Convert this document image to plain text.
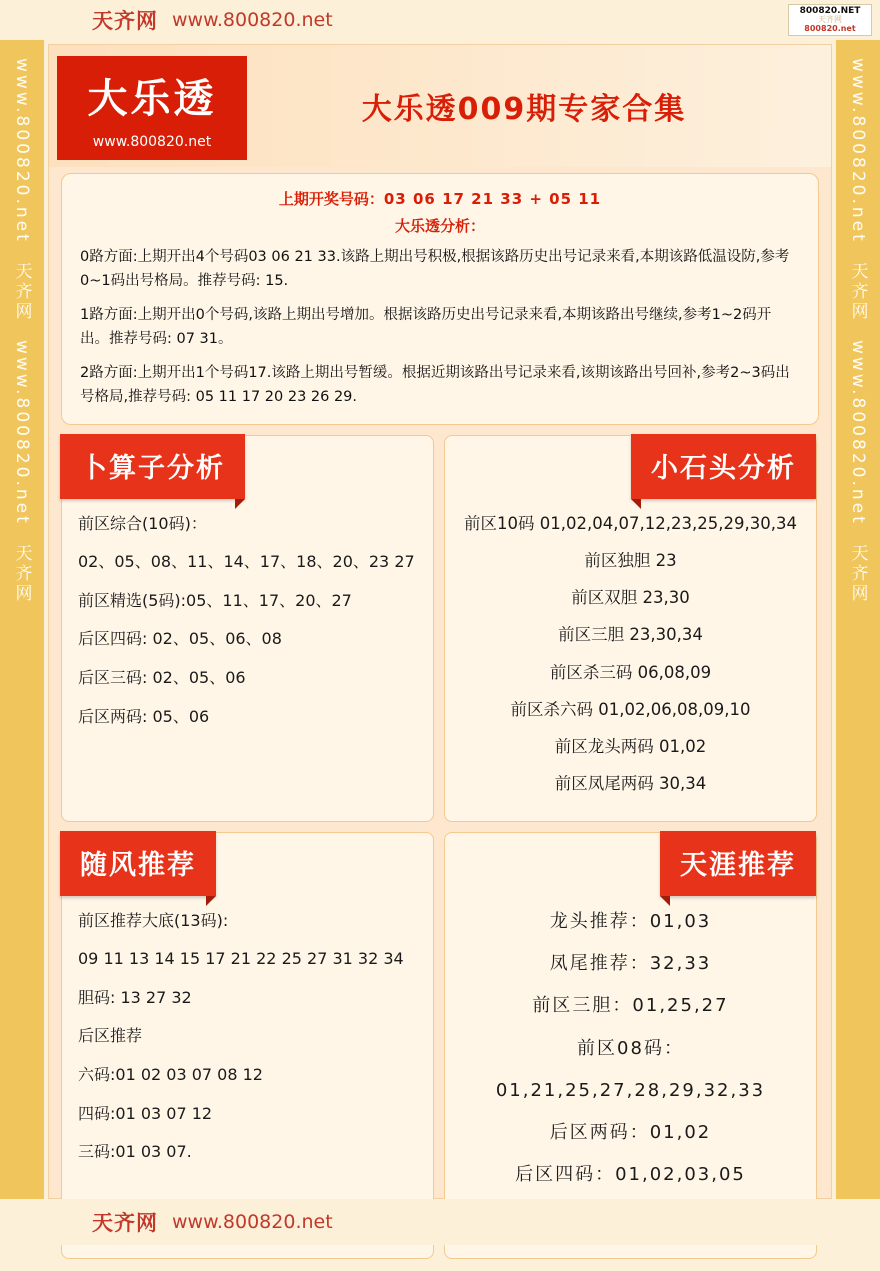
天齐网 www.800820.net	800820.NET
天齐网
800820.net
www.800820.net
天齐网
www.800820.net
天齐网
www.800820.net
天齐网
www.800820.net
天齐网
大乐透
www.800820.net
大乐透009期专家合集
上期开奖号码：03 06 17 21 33 + 05 11
大乐透分析：

0路方面:上期开出4个号码03 06 21 33.该路上期出号积极,根据该路历史出号记录来看,本期该路低温设防,参考0~1码出号格局。推荐号码: 15.

1路方面:上期开出0个号码,该路上期出号增加。根据该路历史出号记录来看,本期该路出号继续,参考1~2码开出。推荐号码: 07 31。

2路方面:上期开出1个号码17.该路上期出号暂缓。根据近期该路出号记录来看,该期该路出号回补,参考2~3码出号格局,推荐号码: 05 11 17 20 23 26 29.

卜算子分析
前区综合(10码)：
02、05、08、11、14、17、18、20、23 27
前区精选(5码):05、11、17、20、27
后区四码: 02、05、06、08
后区三码: 02、05、06
后区两码: 05、06
小石头分析
前区10码 01,02,04,07,12,23,25,29,30,34
前区独胆 23
前区双胆 23,30
前区三胆 23,30,34
前区杀三码 06,08,09
前区杀六码 01,02,06,08,09,10
前区龙头两码 01,02
前区凤尾两码 30,34
随风推荐
前区推荐大底(13码):
09 11 13 14 15 17 21 22 25 27 31 32 34
胆码: 13 27 32
后区推荐
六码:01 02 03 07 08 12
四码:01 03 07 12
三码:01 03 07.
天涯推荐
龙头推荐：01,03
凤尾推荐：32,33
前区三胆：01,25,27
前区08码：
01,21,25,27,28,29,32,33
后区两码：01,02
后区四码：01,02,03,05
天齐网 www.800820.net
